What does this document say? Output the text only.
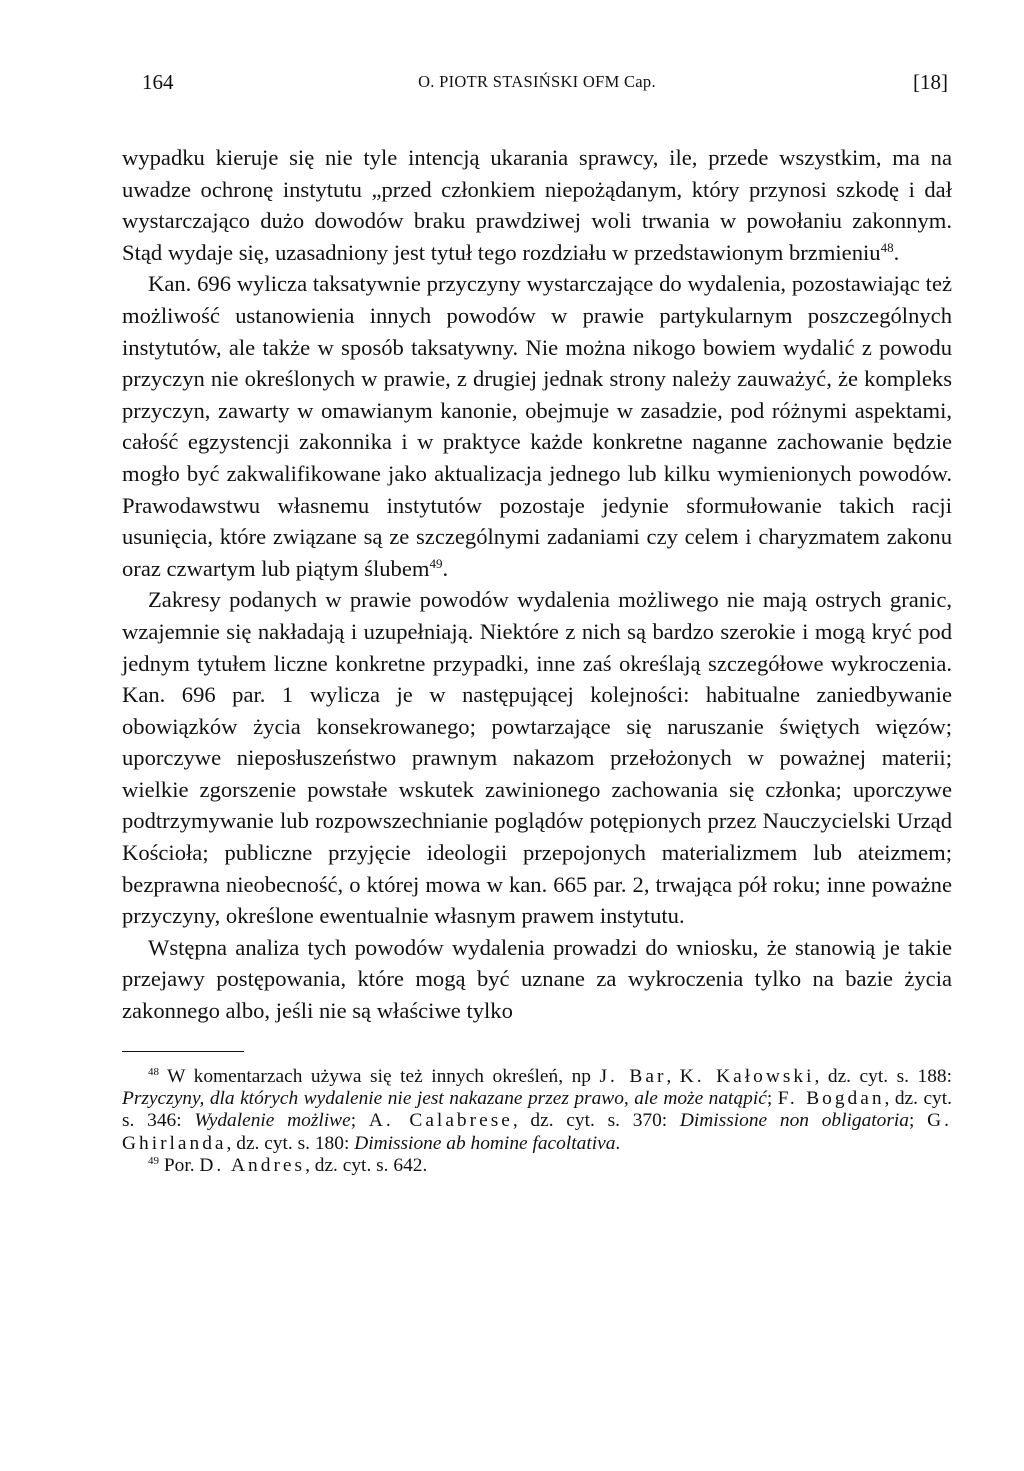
164	O. PIOTR STASIŃSKI OFM Cap.	[18]

wypadku kieruje się nie tyle intencją ukarania sprawcy, ile, przede wszystkim, ma na uwadze ochronę instytutu „przed członkiem niepożądanym, który przynosi szkodę i dał wystarczająco dużo dowodów braku prawdziwej woli trwania w powołaniu zakonnym. Stąd wydaje się, uzasadniony jest tytuł tego rozdziału w przedstawionym brzmieniu$^{48}$.

Kan. 696 wylicza taksatywnie przyczyny wystarczające do wydalenia, pozostawiając też możliwość ustanowienia innych powodów w prawie partykularnym poszczególnych instytutów, ale także w sposób taksatywny. Nie można nikogo bowiem wydalić z powodu przyczyn nie określonych w prawie, z drugiej jednak strony należy zauważyć, że kompleks przyczyn, zawarty w omawianym kanonie, obejmuje w zasadzie, pod różnymi aspektami, całość egzystencji zakonnika i w praktyce każde konkretne naganne zachowanie będzie mogło być zakwalifikowane jako aktualizacja jednego lub kilku wymienionych powodów. Prawodawstwu własnemu instytutów pozostaje jedynie sformułowanie takich racji usunięcia, które związane są ze szczególnymi zadaniami czy celem i charyzmatem zakonu oraz czwartym lub piątym ślubem$^{49}$.

Zakresy podanych w prawie powodów wydalenia możliwego nie mają ostrych granic, wzajemnie się nakładają i uzupełniają. Niektóre z nich są bardzo szerokie i mogą kryć pod jednym tytułem liczne konkretne przypadki, inne zaś określają szczegółowe wykroczenia. Kan. 696 par. 1 wylicza je w następującej kolejności: habitualne zaniedbywanie obowiązków życia konsekrowanego; powtarzające się naruszanie świętych więzów; uporczywe nieposłuszeństwo prawnym nakazom przełożonych w poważnej materii; wielkie zgorszenie powstałe wskutek zawinionego zachowania się członka; uporczywe podtrzymywanie lub rozpowszechnianie poglądów potępionych przez Nauczycielski Urząd Kościoła; publiczne przyjęcie ideologii przepojonych materializmem lub ateizmem; bezprawna nieobecność, o której mowa w kan. 665 par. 2, trwająca pół roku; inne poważne przyczyny, określone ewentualnie własnym prawem instytutu.

Wstępna analiza tych powodów wydalenia prowadzi do wniosku, że stanowią je takie przejawy postępowania, które mogą być uznane za wykroczenia tylko na bazie życia zakonnego albo, jeśli nie są właściwe tylko

$^{48}$ W komentarzach używa się też innych określeń, np J. Bar, K. Kałowski, dz. cyt. s. 188: Przyczyny, dla których wydalenie nie jest nakazane przez prawo, ale może natąpić; F. Bogdan, dz. cyt. s. 346: Wydalenie możliwe; A. Calabrese, dz. cyt. s. 370: Dimissione non obligatoria; G. Ghirlanda, dz. cyt. s. 180: Dimissione ab homine facoltativa.

$^{49}$ Por. D. Andres, dz. cyt. s. 642.
